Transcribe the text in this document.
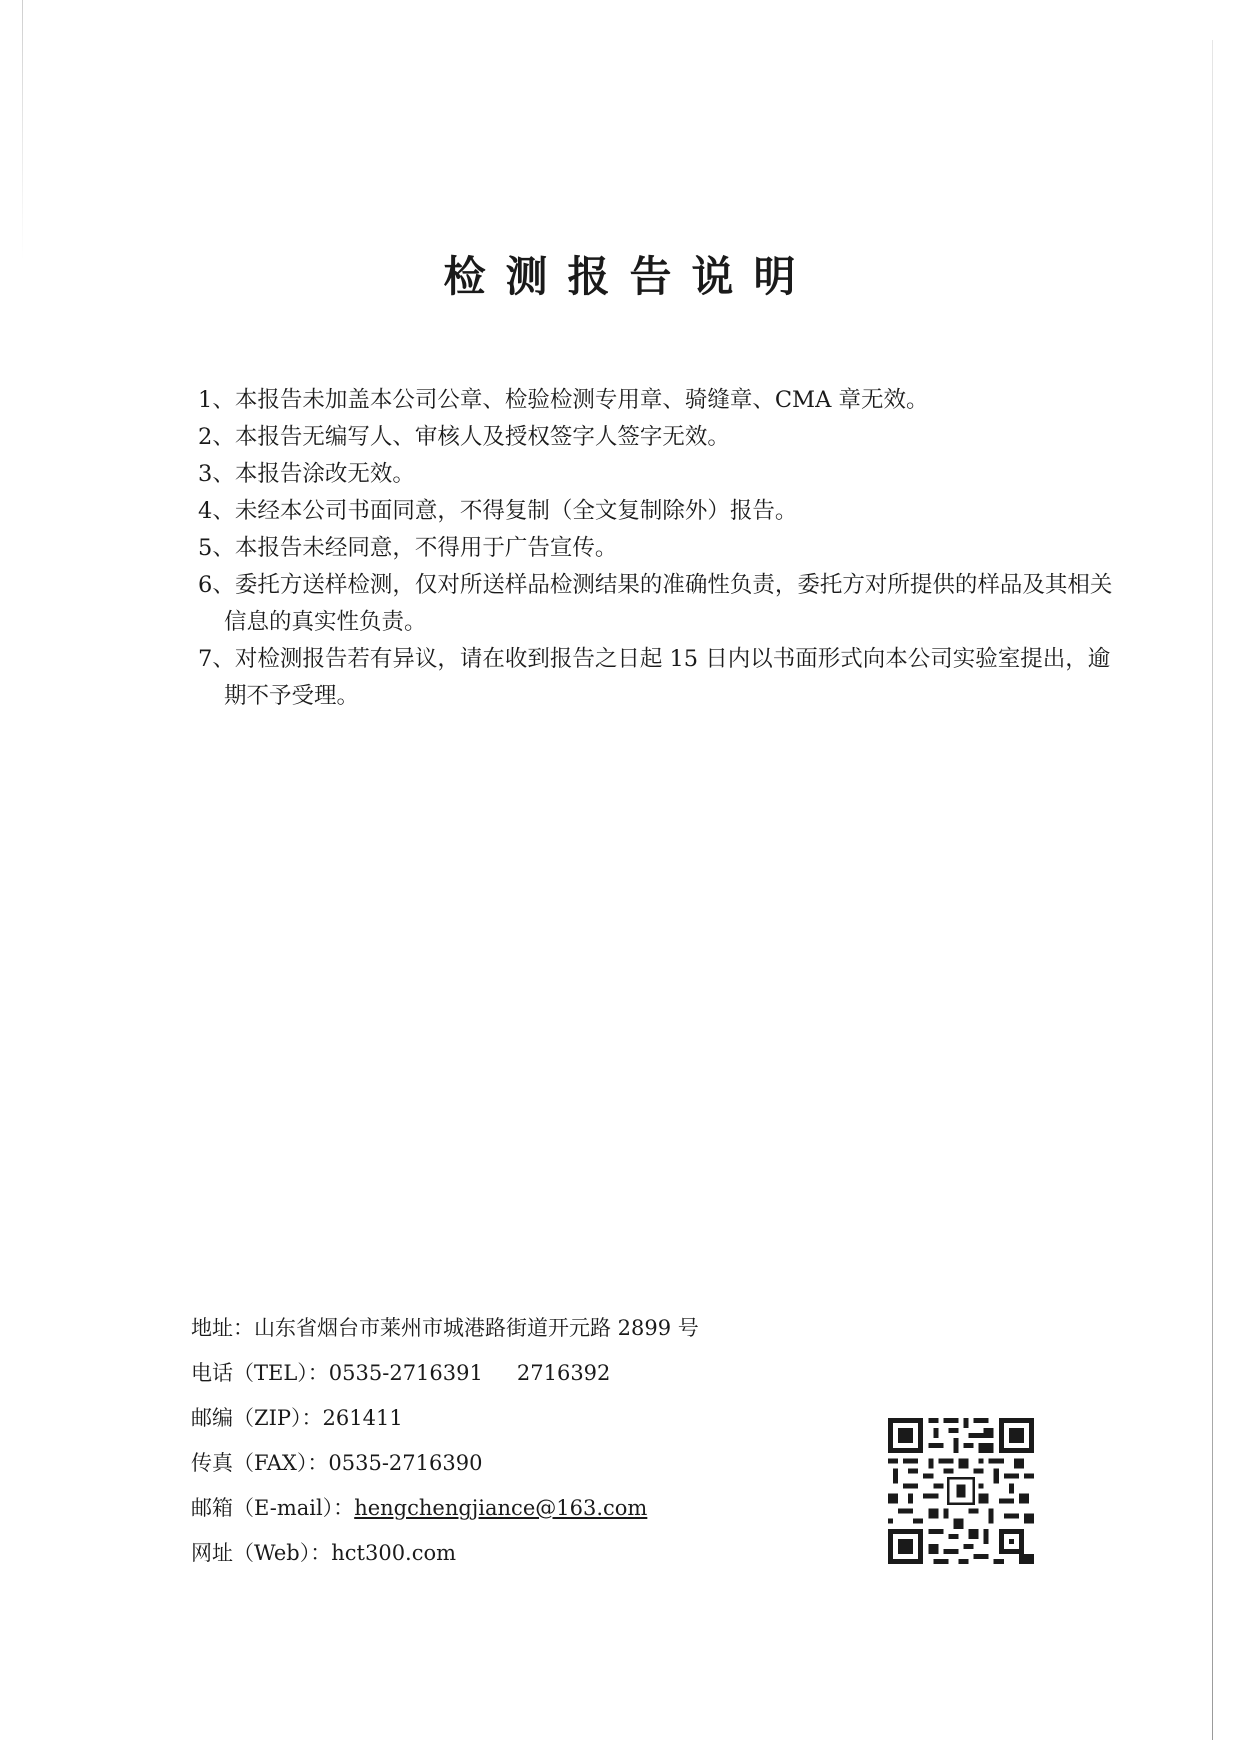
检测报告说明

1、本报告未加盖本公司公章、检验检测专用章、骑缝章、CMA 章无效。

2、本报告无编写人、审核人及授权签字人签字无效。

3、本报告涂改无效。

4、未经本公司书面同意，不得复制（全文复制除外）报告。

5、本报告未经同意，不得用于广告宣传。

6、委托方送样检测，仅对所送样品检测结果的准确性负责，委托方对所提供的样品及其相关信息的真实性负责。

7、对检测报告若有异议，请在收到报告之日起 15 日内以书面形式向本公司实验室提出，逾期不予受理。

地址：山东省烟台市莱州市城港路街道开元路 2899 号
电话（TEL）：0535-2716391 2716392
邮编（ZIP）：261411
传真（FAX）：0535-2716390
邮箱（E-mail）：hengchengjiance@163.com
网址（Web）：hct300.com
